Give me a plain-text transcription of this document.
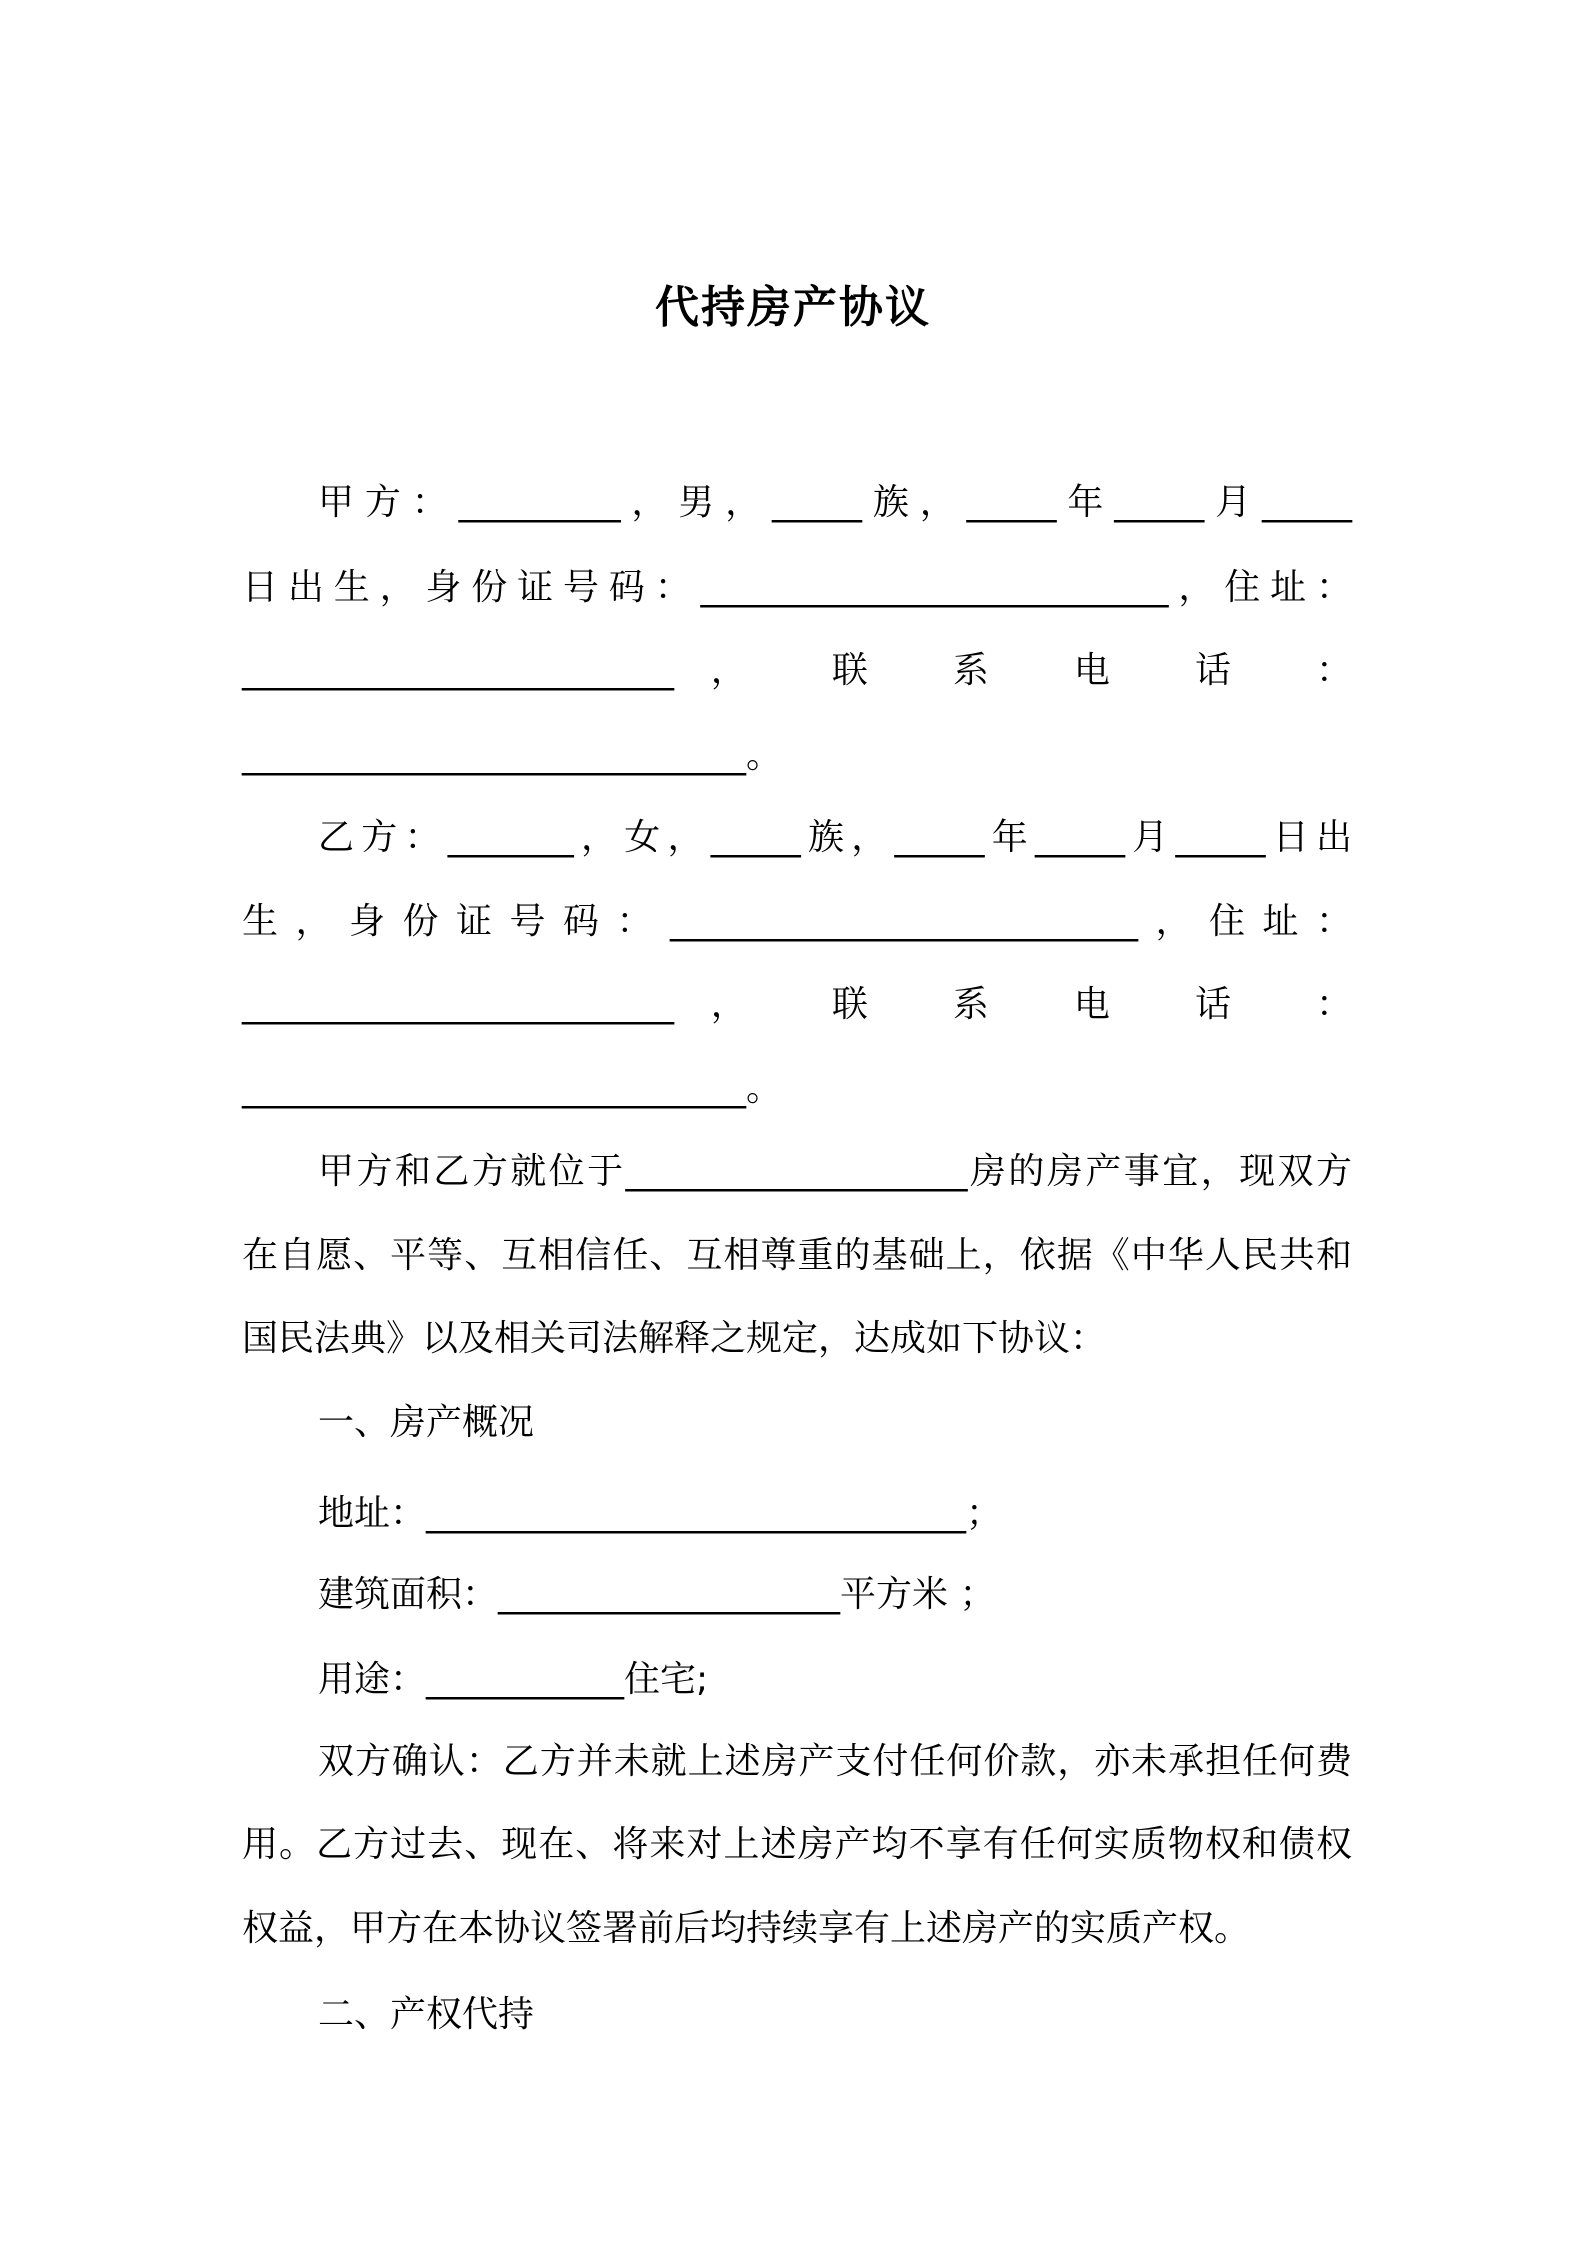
代持房产协议
甲方：_________，男，_____族，_____年_____月_____
日出生，身份证号码：__________________________，住址：
________________________， 联 系 电 话 ：
____________________________。
乙方：_______，女，_____族，_____年_____月_____日出
生，身份证号码：__________________________，住址：
________________________， 联 系 电 话 ：
____________________________。
甲方和乙方就位于___________________房的房产事宜，现双方
在自愿、平等、互相信任、互相尊重的基础上，依据《中华人民共和
国民法典》以及相关司法解释之规定，达成如下协议：
一、房产概况
地址：______________________________；
建筑面积：___________________平方米 ；
用途：___________住宅;
双方确认：乙方并未就上述房产支付任何价款，亦未承担任何费
用。乙方过去、现在、将来对上述房产均不享有任何实质物权和债权
权益，甲方在本协议签署前后均持续享有上述房产的实质产权。
二、产权代持
